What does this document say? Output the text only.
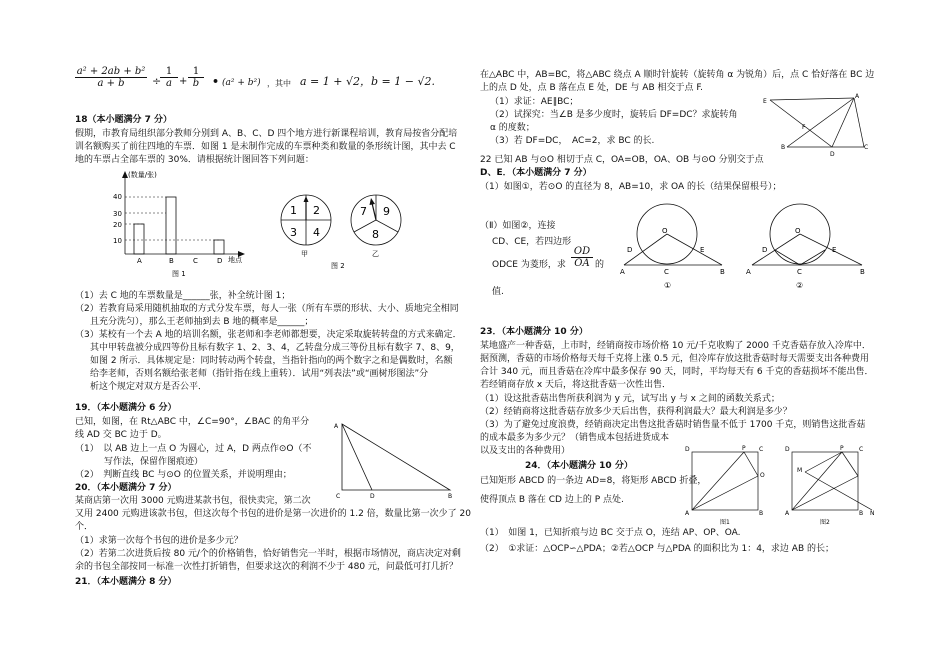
$\frac{\text{a² + 2ab + b²}}{a + b}$ ÷
$\frac{1}{a} + \frac{1}{b}$ • (a² + b²) ，其中 a = 1 + √2，b = 1 − √2.
18（本小题满分 7 分）
假期，市教育局组织部分教师分别到 A、B、C、D 四个地方进行新课程培训，教育局按省分配培
训名额购买了前往四地的车票．如图 1 是未制作完成的车票种类和数量的条形统计图，其中去 C
地的车票占全部车票的 30%．请根据统计图回答下列问题：
(数量/张)
地点
40
30
20
10
A	B	C	D
图 1
1 2
3 4
甲
7 9
8
乙
图 2
（1）去 C 地的车票数量是______张，补全统计图 1；
（2）若教育局采用随机抽取的方式分发车票，每人一张（所有车票的形状、大小、质地完全相同
且充分洗匀），那么王老师抽到去 B 地的概率是______；
（3）某校有一个去 A 地的培训名额，张老师和李老师都想要，决定采取旋转转盘的方式来确定．
其中甲转盘被分成四等份且标有数字 1、2、3、4，乙转盘分成三等份且标有数字 7、8、9，
如图 2 所示．具体规定是：同时转动两个转盘，当指针指向的两个数字之和是偶数时，名额
给李老师，否则名额给张老师（指针指在线上重转）．试用“列表法”或“画树形图法”分
析这个规定对双方是否公平．
19．（本小题满分 6 分）
已知，如图，在 Rt△ABC 中，∠C=90°，∠BAC 的角平分
线 AD 交 BC 边于 D。
（1）　以 AB 边上一点 O 为圆心，过 A，D 两点作⊙O（不
写作法，保留作图痕迹）
（2）　判断直线 BC 与⊙O 的位置关系，并说明理由；
A
C	D	B
20．（本小题满分 7 分）
某商店第一次用 3000 元购进某款书包，很快卖完，第二次
又用 2400 元购进该款书包，但这次每个书包的进价是第一次进价的 1.2 倍，数量比第一次少了 20
个．
（1）求第一次每个书包的进价是多少元？
（2）若第二次进货后按 80 元/个的价格销售，恰好销售完一半时，根据市场情况，商店决定对剩
余的书包全部按同一标准一次性打折销售，但要求这次的利润不少于 480 元，问最低可打几折？
21．（本小题满分 8 分）
在△ABC 中，AB=BC，将△ABC 绕点 A 顺时针旋转（旋转角 α 为锐角）后，点 C 恰好落在 BC 边
上的点 D 处，点 B 落在点 E 处，DE 与 AB 相交于点 F.
（1）求证：AE∥BC；
（2）试探究：当∠B 是多少度时，旋转后 DF=DC？求旋转角
α 的度数；
（3）若 DF=DC，　AC=2，求 BC 的长.
E
A
F
B
D
C
22 已知 AB 与⊙O 相切于点 C，OA=OB，OA、OB 与⊙O 分别交于点
D、E．（本小题满分 7 分）
（1）如图①，若⊙O 的直径为 8，AB=10，求 OA 的长（结果保留根号）；
（Ⅱ）如图②，连接
CD、CE，若四边形
ODCE 为菱形，求 $\frac{OD}{OA}$ 的
值.
O
D	E
A	C	B
①
O
D	E
A	C	B
②
23．（本小题满分 10 分）
某地盛产一种香菇，上市时，经销商按市场价格 10 元/千克收购了 2000 千克香菇存放入冷库中．
据预测，香菇的市场价格每天每千克将上涨 0.5 元，但冷库存放这批香菇时每天需要支出各种费用
合计 340 元，而且香菇在冷库中最多保存 90 天，同时，平均每天有 6 千克的香菇损坏不能出售．
若经销商存放 x 天后，将这批香菇一次性出售．
（1）设这批香菇出售所获利润为 y 元，试写出 y 与 x 之间的函数关系式；
（2）经销商将这批香菇存放多少天后出售，获得利润最大？最大利润是多少？
（3）为了避免过度浪费，经销商决定出售这批香菇时销售量不低于 1700 千克，则销售这批香菇
的成本最多为多少元？（销售成本包括进货成本
以及支出的各种费用）
24．（本小题满分 10 分）
已知矩形 ABCD 的一条边 AD=8，将矩形 ABCD 折叠，
使得顶点 B 落在 CD 边上的 P 点处.
D	P C
O
A	B
图1
D	P	C
M
A	B N
图2
（1）　如图 1，已知折痕与边 BC 交于点 O，连结 AP、OP、OA.
（2）　①求证：△OCP∽△PDA；②若△OCP 与△PDA 的面积比为 1：4，求边 AB 的长；
